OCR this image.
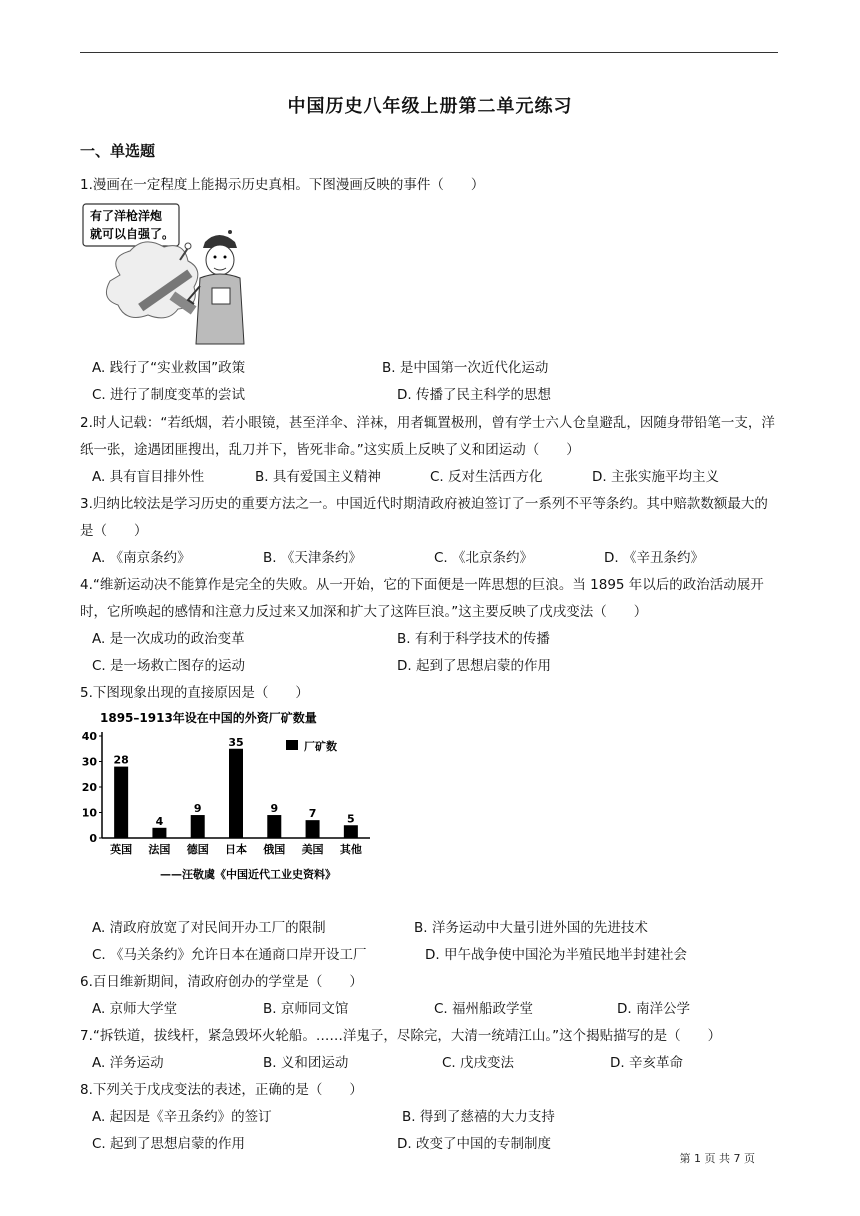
中国历史八年级上册第二单元练习
一、单选题
1.漫画在一定程度上能揭示历史真相。下图漫画反映的事件（　　）
有了洋枪洋炮
就可以自强了。
A. 践行了“实业救国”政策	B. 是中国第一次近代化运动
C. 进行了制度变革的尝试	D. 传播了民主科学的思想
2.时人记载：“若纸烟，若小眼镜，甚至洋伞、洋袜，用者辄置极刑，曾有学士六人仓皇避乱，因随身带铅笔一支，洋纸一张，途遇团匪搜出，乱刀并下，皆死非命。”这实质上反映了义和团运动（　　）
A. 具有盲目排外性	B. 具有爱国主义精神	C. 反对生活西方化	D. 主张实施平均主义
3.归纳比较法是学习历史的重要方法之一。中国近代时期清政府被迫签订了一系列不平等条约。其中赔款数额最大的是（　　）
A. 《南京条约》	B. 《天津条约》	C. 《北京条约》	D. 《辛丑条约》
4.“维新运动决不能算作是完全的失败。从一开始，它的下面便是一阵思想的巨浪。当 1895 年以后的政治活动展开时，它所唤起的感情和注意力反过来又加深和扩大了这阵巨浪。”这主要反映了戊戌变法（　　）
A. 是一次成功的政治变革	B. 有利于科学技术的传播
C. 是一场救亡图存的运动	D. 起到了思想启蒙的作用
5.下图现象出现的直接原因是（　　）
1895–1913年设在中国的外资厂矿数量
0
10
20
30
40
28
英国
4
法国
9
德国
35
日本
9
俄国
7
美国
5
其他
厂矿数
——汪敬虞《中国近代工业史资料》
A. 清政府放宽了对民间开办工厂的限制	B. 洋务运动中大量引进外国的先进技术
C. 《马关条约》允许日本在通商口岸开设工厂	D. 甲午战争使中国沦为半殖民地半封建社会
6.百日维新期间，清政府创办的学堂是（　　）
A. 京师大学堂	B. 京师同文馆	C. 福州船政学堂	D. 南洋公学
7.“拆铁道，拔线杆，紧急毁坏火轮船。……洋鬼子，尽除完，大清一统靖江山。”这个揭贴描写的是（　　）
A. 洋务运动	B. 义和团运动	C. 戊戌变法	D. 辛亥革命
8.下列关于戊戌变法的表述，正确的是（　　）
A. 起因是《辛丑条约》的签订	B. 得到了慈禧的大力支持
C. 起到了思想启蒙的作用	D. 改变了中国的专制制度
第 1 页 共 7 页
